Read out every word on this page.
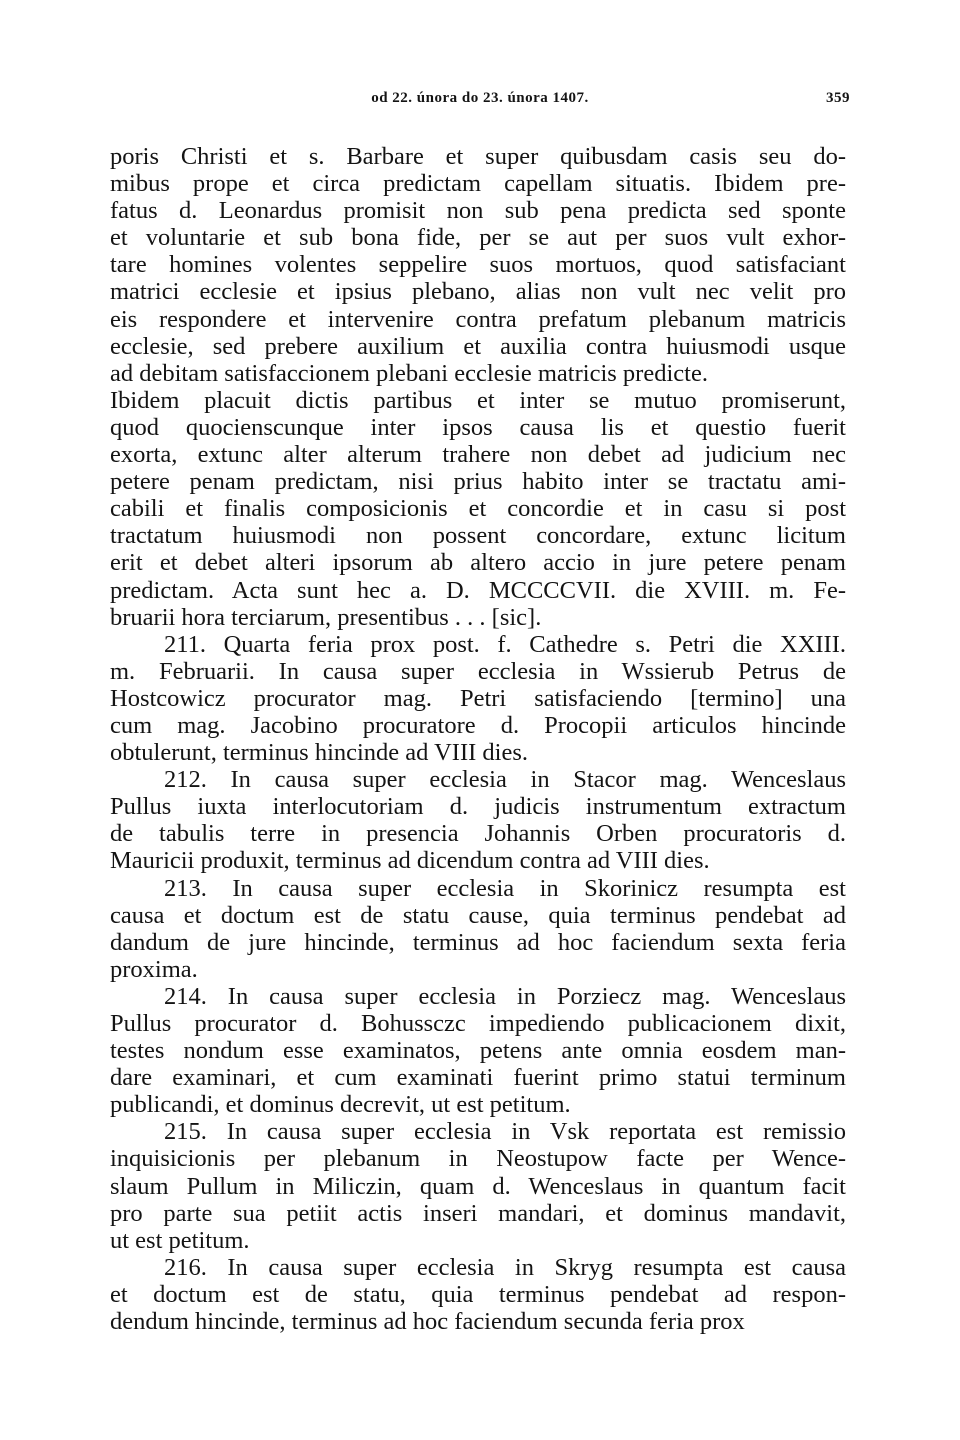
od 22. února do 23. února 1407.	359
poris Christi et s. Barbare et super quibusdam casis seu do-
mibus prope et circa predictam capellam situatis. Ibidem pre-
fatus d. Leonardus promisit non sub pena predicta sed sponte
et voluntarie et sub bona fide, per se aut per suos vult exhor-
tare homines volentes seppelire suos mortuos, quod satisfaciant
matrici ecclesie et ipsius plebano, alias non vult nec velit pro
eis respondere et intervenire contra prefatum plebanum matricis
ecclesie, sed prebere auxilium et auxilia contra huiusmodi usque
ad debitam satisfaccionem plebani ecclesie matricis predicte.
Ibidem placuit dictis partibus et inter se mutuo promiserunt,
quod quocienscunque inter ipsos causa lis et questio fuerit
exorta, extunc alter alterum trahere non debet ad judicium nec
petere penam predictam, nisi prius habito inter se tractatu ami-
cabili et finalis composicionis et concordie et in casu si post
tractatum huiusmodi non possent concordare, extunc licitum
erit et debet alteri ipsorum ab altero accio in jure petere penam
predictam. Acta sunt hec a. D. MCCCCVII. die XVIII. m. Fe-
bruarii hora terciarum, presentibus . . . [sic].
211. Quarta feria prox post. f. Cathedre s. Petri die XXIII.
m. Februarii. In causa super ecclesia in Wssierub Petrus de
Hostcowicz procurator mag. Petri satisfaciendo [termino] una
cum mag. Jacobino procuratore d. Procopii articulos hincinde
obtulerunt, terminus hincinde ad VIII dies.
212. In causa super ecclesia in Stacor mag. Wenceslaus
Pullus iuxta interlocutoriam d. judicis instrumentum extractum
de tabulis terre in presencia Johannis Orben procuratoris d.
Mauricii produxit, terminus ad dicendum contra ad VIII dies.
213. In causa super ecclesia in Skorinicz resumpta est
causa et doctum est de statu cause, quia terminus pendebat ad
dandum de jure hincinde, terminus ad hoc faciendum sexta feria
proxima.
214. In causa super ecclesia in Porziecz mag. Wenceslaus
Pullus procurator d. Bohussczc impediendo publicacionem dixit,
testes nondum esse examinatos, petens ante omnia eosdem man-
dare examinari, et cum examinati fuerint primo statui terminum
publicandi, et dominus decrevit, ut est petitum.
215. In causa super ecclesia in Vsk reportata est remissio
inquisicionis per plebanum in Neostupow facte per Wence-
slaum Pullum in Miliczin, quam d. Wenceslaus in quantum facit
pro parte sua petiit actis inseri mandari, et dominus mandavit,
ut est petitum.
216. In causa super ecclesia in Skryg resumpta est causa
et doctum est de statu, quia terminus pendebat ad respon-
dendum hincinde, terminus ad hoc faciendum secunda feria prox
